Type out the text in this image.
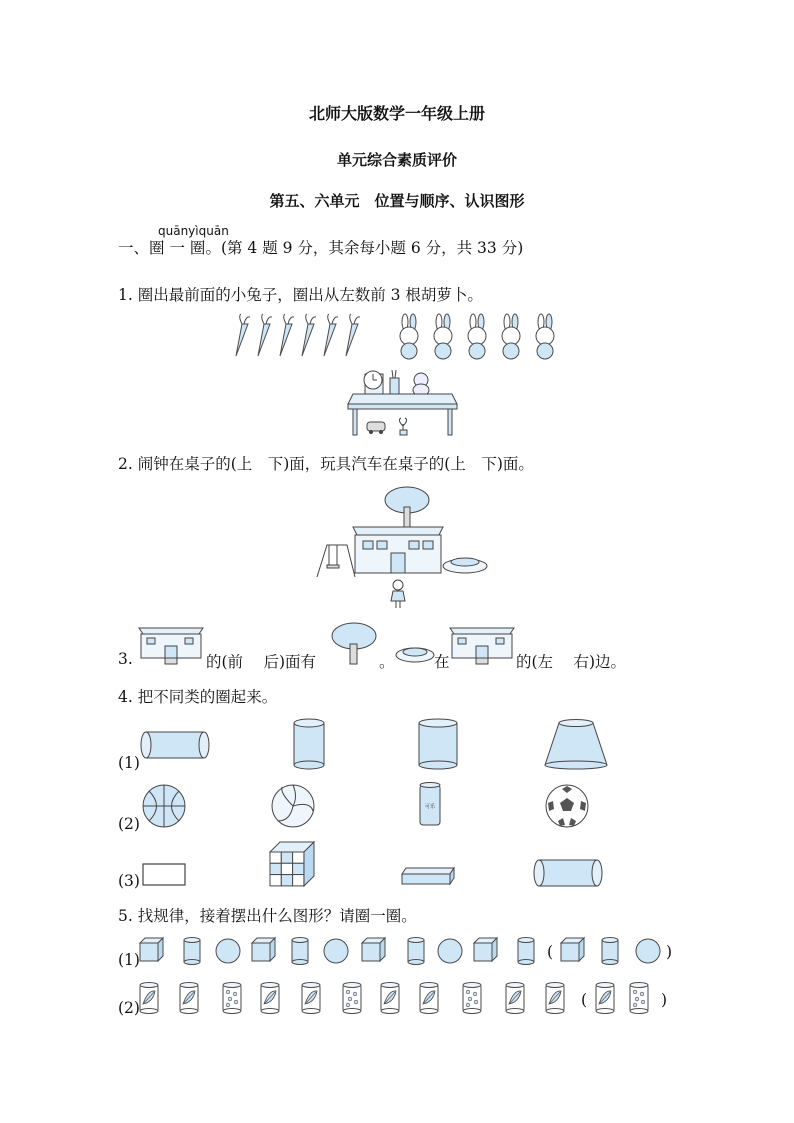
北师大版数学一年级上册
单元综合素质评价
第五、六单元　位置与顺序、认识图形
quānyìquān
一、圈 一 圈。(第 4 题 9 分，其余每小题 6 分，共 33 分)
1. 圈出最前面的小兔子，圈出从左数前 3 根胡萝卜。
2. 闹钟在桌子的(上　下)面，玩具汽车在桌子的(上　下)面。
3.	的(前　 后)面有	。	在	的(左　 右)边。
4. 把不同类的圈起来。
(1)
(2)
可乐
(3)
5. 找规律，接着摆出什么图形？请圈一圈。
(1)	(	)
(2)	(	)
